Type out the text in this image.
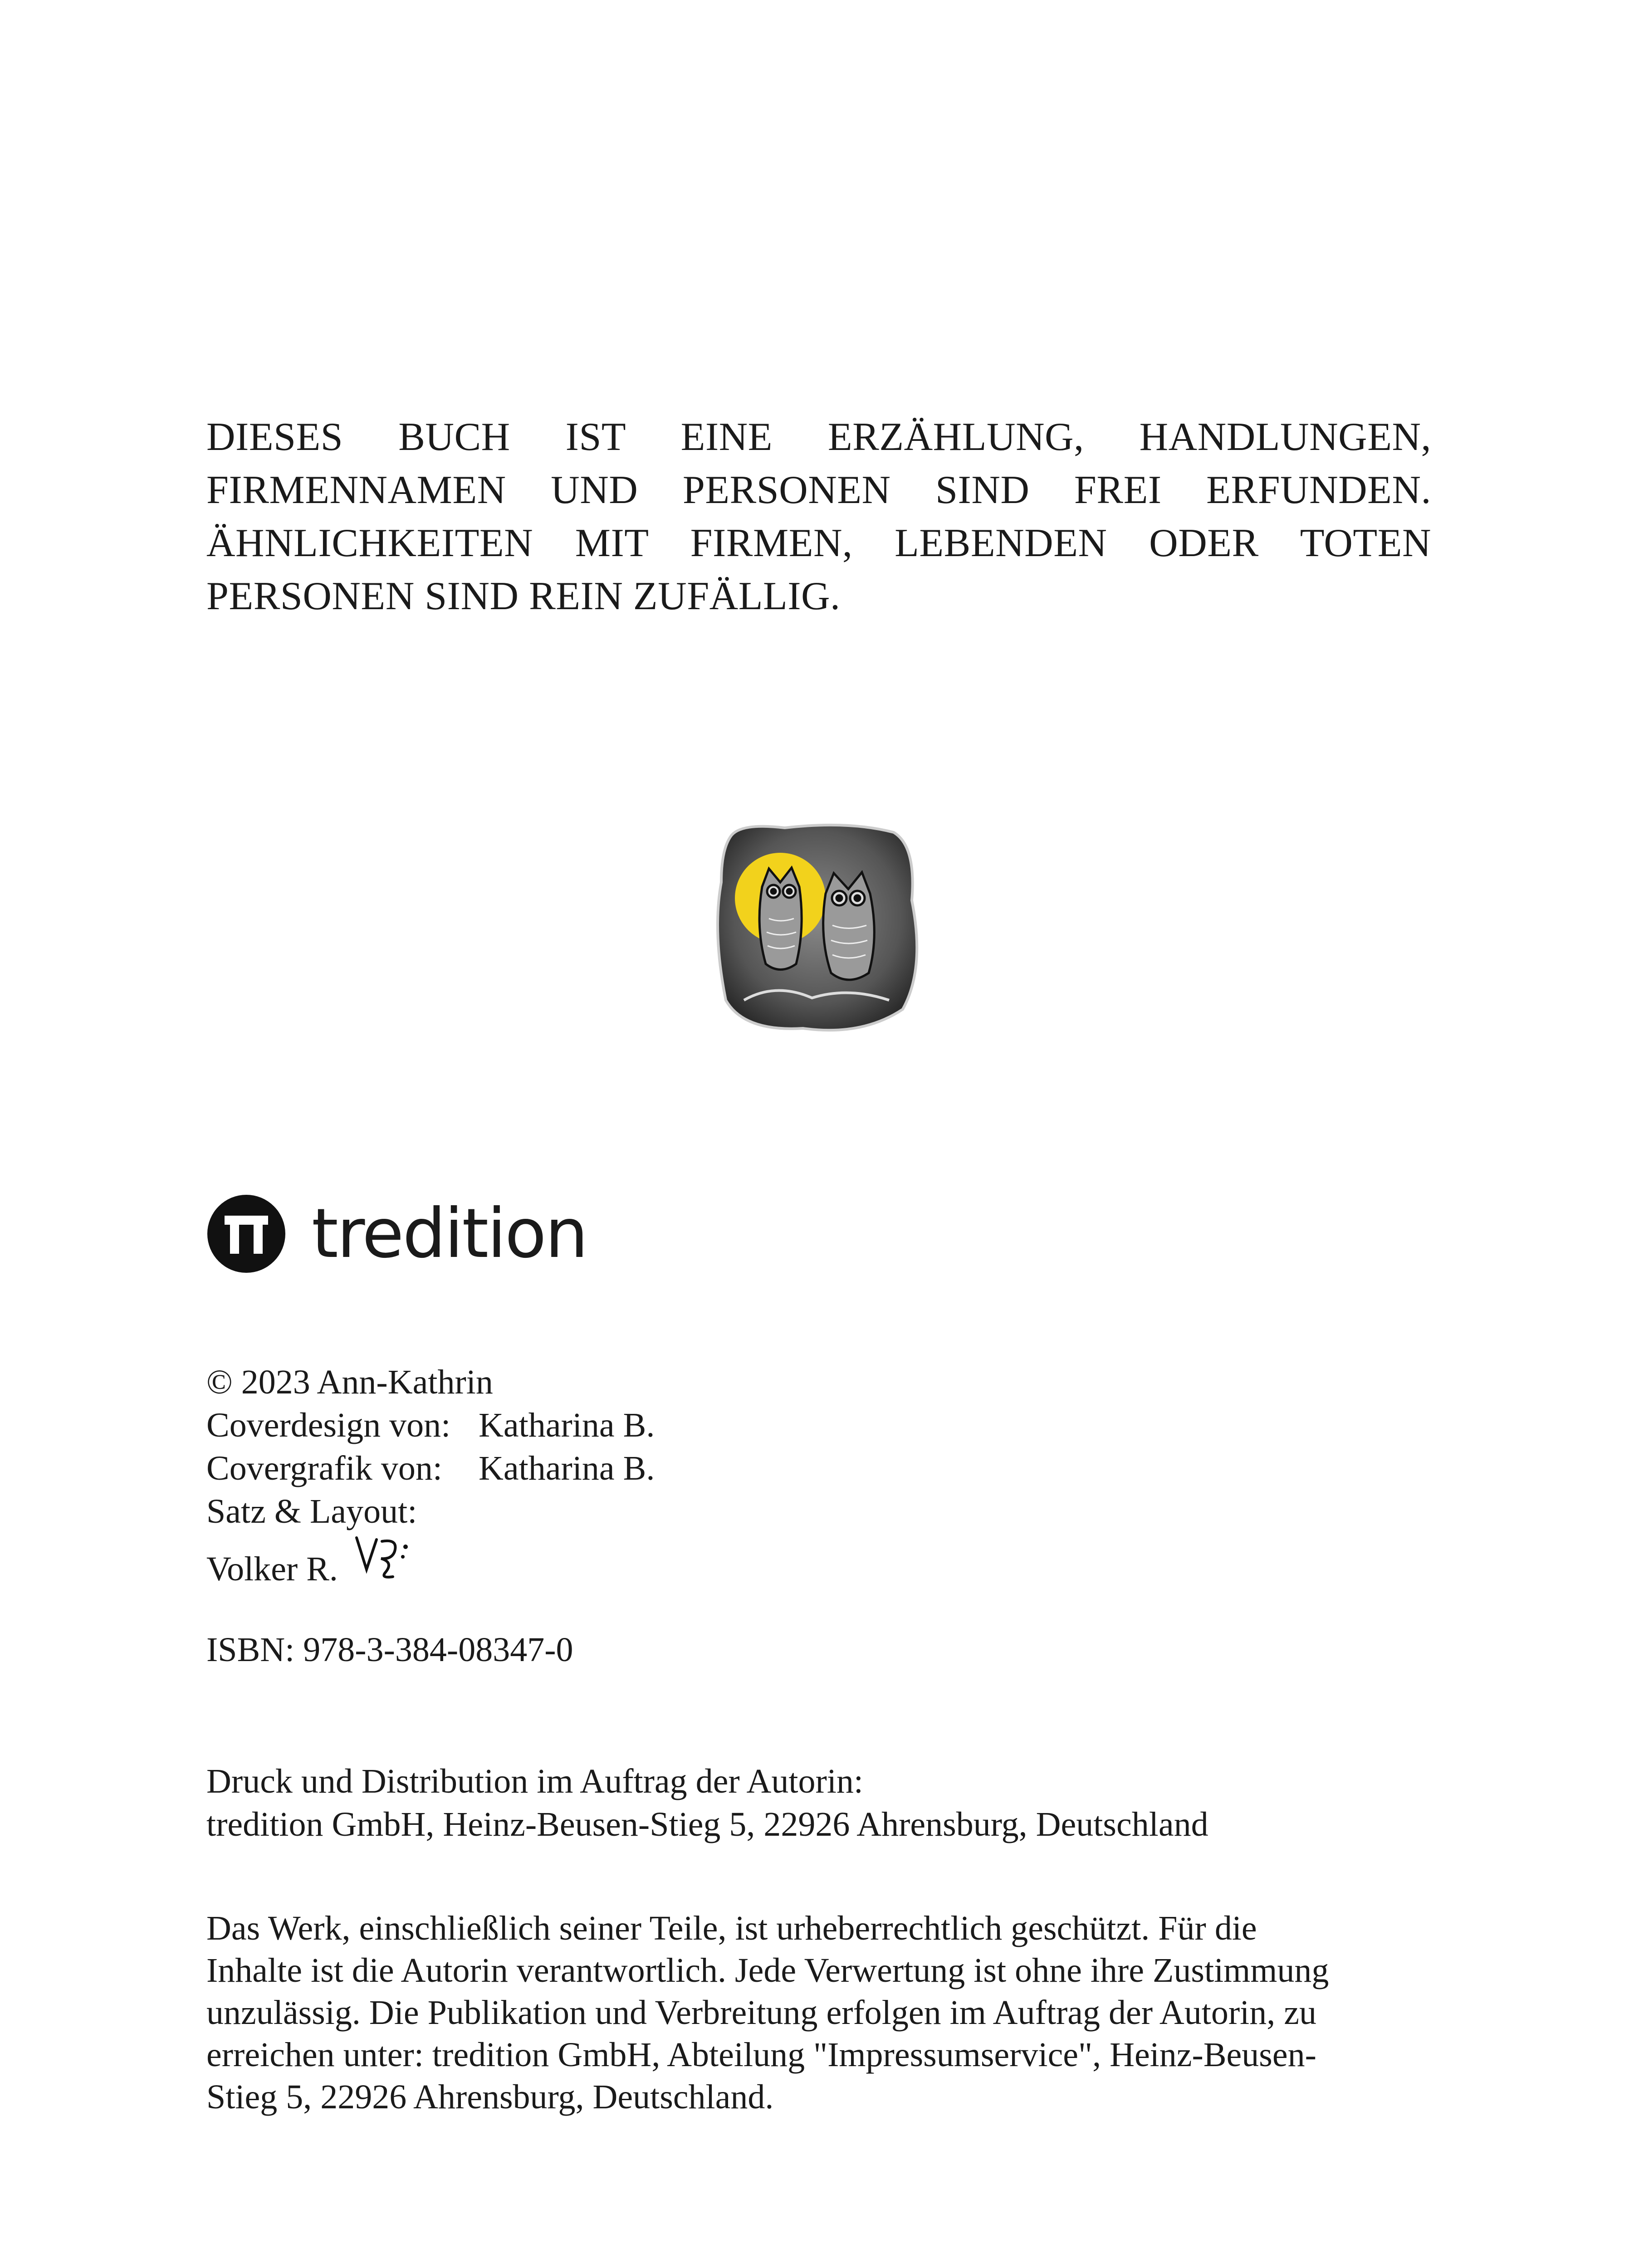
DIESES BUCH IST EINE ERZÄHLUNG, HANDLUNGEN,
FIRMENNAMEN UND PERSONEN SIND FREI ERFUNDEN.
ÄHNLICHKEITEN MIT FIRMEN, LEBENDEN ODER TOTEN
PERSONEN SIND REIN ZUFÄLLIG.
tredition
© 2023 Ann-Kathrin
Coverdesign von: Katharina B.
Covergrafik von: Katharina B.
Satz & Layout:
Volker R.
ISBN: 978-3-384-08347-0
Druck und Distribution im Auftrag der Autorin:
tredition GmbH, Heinz-Beusen-Stieg 5, 22926 Ahrensburg, Deutschland
Das Werk, einschließlich seiner Teile, ist urheberrechtlich geschützt. Für die
Inhalte ist die Autorin verantwortlich. Jede Verwertung ist ohne ihre Zustimmung
unzulässig. Die Publikation und Verbreitung erfolgen im Auftrag der Autorin, zu
erreichen unter: tredition GmbH, Abteilung "Impressumservice", Heinz-Beusen-
Stieg 5, 22926 Ahrensburg, Deutschland.
